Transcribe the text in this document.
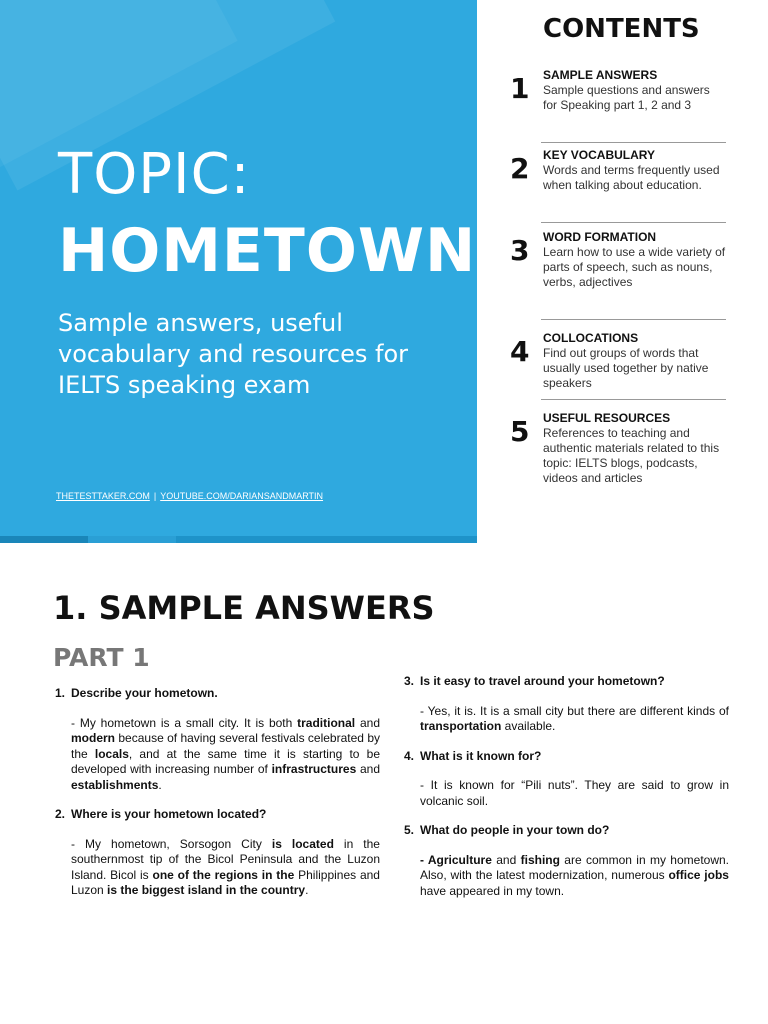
TOPIC:
HOMETOWN

Sample answers, useful vocabulary and resources for IELTS speaking exam

THETESTTAKER.COM | YOUTUBE.COM/DARIANSANDMARTIN
CONTENTS
1 SAMPLE ANSWERS
Sample questions and answers for Speaking part 1, 2 and 3
2 KEY VOCABULARY
Words and terms frequently used when talking about education.
3 WORD FORMATION
Learn how to use a wide variety of parts of speech, such as nouns, verbs, adjectives
4 COLLOCATIONS
Find out groups of words that usually used together by native speakers
5 USEFUL RESOURCES
References to teaching and authentic materials related to this topic: IELTS blogs, podcasts, videos and articles
1. SAMPLE ANSWERS
PART 1
1. Describe your hometown.
- My hometown is a small city. It is both traditional and modern because of having several festivals celebrated by the locals, and at the same time it is starting to be developed with increasing number of infrastructures and establishments.
2. Where is your hometown located?
- My hometown, Sorsogon City is located in the southernmost tip of the Bicol Peninsula and the Luzon Island. Bicol is one of the regions in the Philippines and Luzon is the biggest island in the country.
3. Is it easy to travel around your hometown?
- Yes, it is. It is a small city but there are different kinds of transportation available.
4. What is it known for?
- It is known for “Pili nuts”. They are said to grow in volcanic soil.
5. What do people in your town do?
- Agriculture and fishing are common in my hometown. Also, with the latest modernization, numerous office jobs have appeared in my town.
